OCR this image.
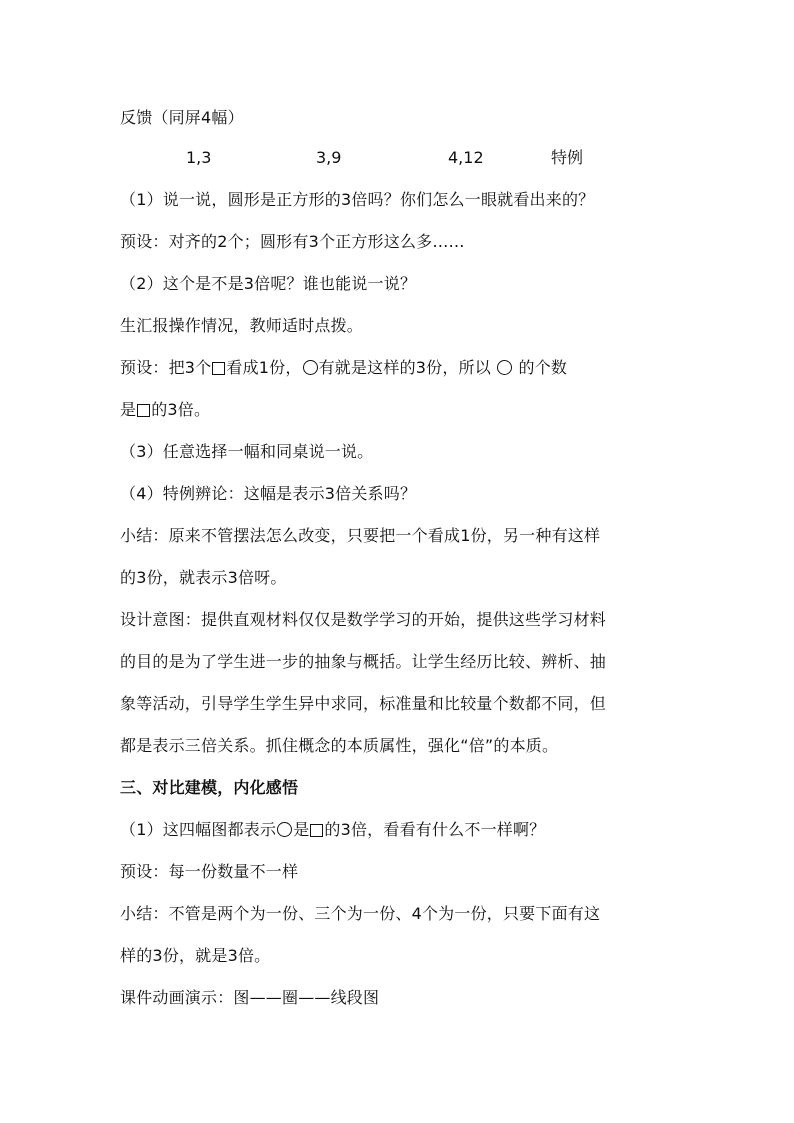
反馈（同屏4幅）
1,3	3,9	4,12	特例
（1）说一说，圆形是正方形的3倍吗？你们怎么一眼就看出来的？
预设：对齐的2个；圆形有3个正方形这么多……
（2）这个是不是3倍呢？谁也能说一说？
生汇报操作情况，教师适时点拨。
预设：把3个 看成1份， 有就是这样的3份，所以  的个数
是 的3倍。
（3）任意选择一幅和同桌说一说。
（4）特例辨论：这幅是表示3倍关系吗？
小结：原来不管摆法怎么改变，只要把一个看成1份，另一种有这样
的3份，就表示3倍呀。
设计意图：提供直观材料仅仅是数学学习的开始，提供这些学习材料
的目的是为了学生进一步的抽象与概括。让学生经历比较、辨析、抽
象等活动，引导学生学生异中求同，标准量和比较量个数都不同，但
都是表示三倍关系。抓住概念的本质属性，强化“倍”的本质。
三、对比建模，内化感悟
（1）这四幅图都表示 是 的3倍，看看有什么不一样啊？
预设：每一份数量不一样
小结：不管是两个为一份、三个为一份、4个为一份，只要下面有这
样的3份，就是3倍。
课件动画演示：图——圈——线段图
